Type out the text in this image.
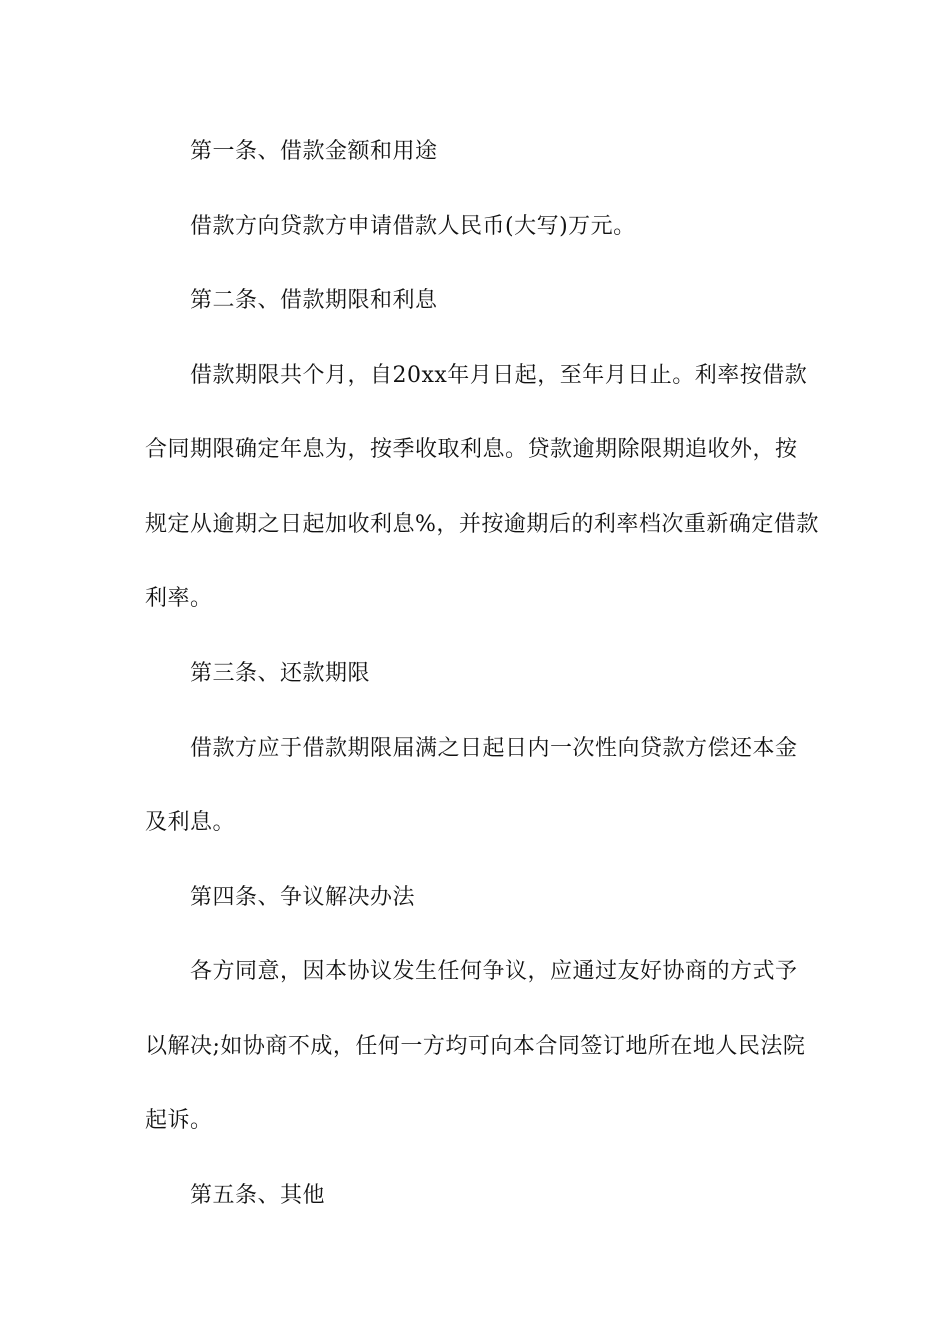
第一条、借款金额和用途
借款方向贷款方申请借款人民币(大写)万元。
第二条、借款期限和利息
借款期限共个月，自20xx年月日起，至年月日止。利率按借款
合同期限确定年息为，按季收取利息。贷款逾期除限期追收外，按
规定从逾期之日起加收利息%，并按逾期后的利率档次重新确定借款
利率。
第三条、还款期限
借款方应于借款期限届满之日起日内一次性向贷款方偿还本金
及利息。
第四条、争议解决办法
各方同意，因本协议发生任何争议，应通过友好协商的方式予
以解决;如协商不成，任何一方均可向本合同签订地所在地人民法院
起诉。
第五条、其他
